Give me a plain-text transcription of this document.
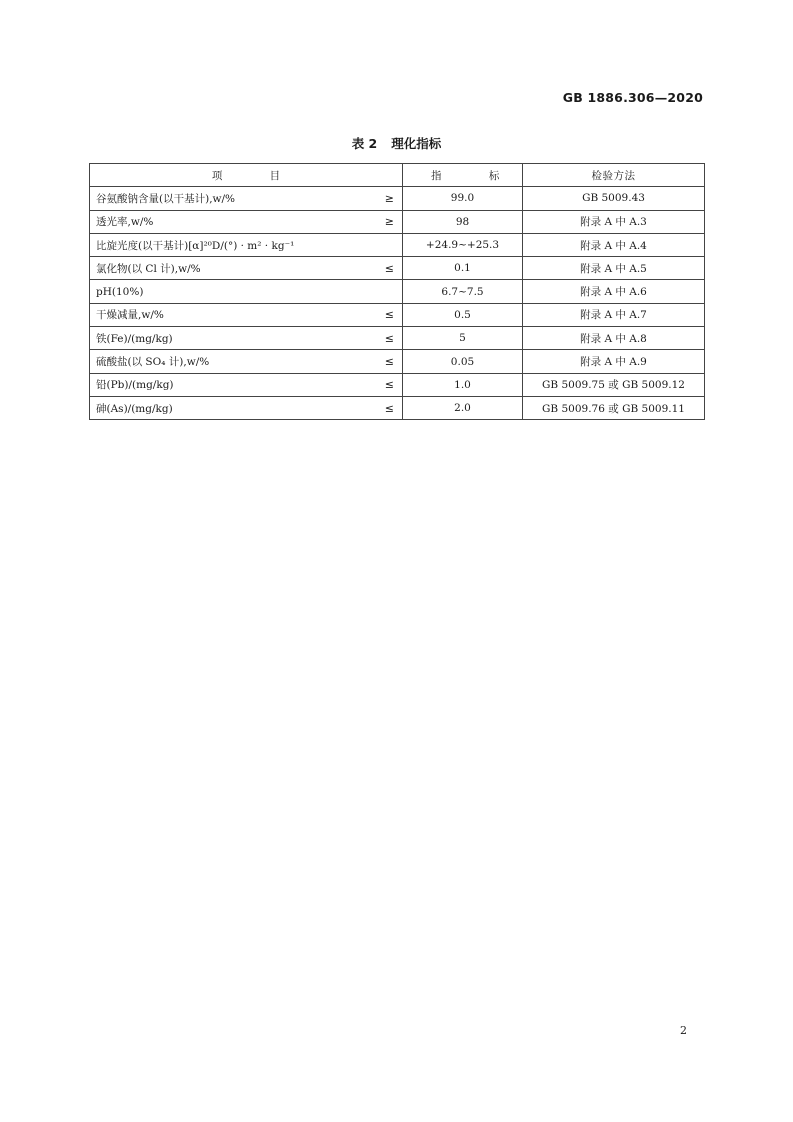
GB 1886.306—2020
表 2 理化指标
项 目	指 标	检验方法

谷氨酸钠含量(以干基计),w/% ≥	99.0	GB 5009.43

透光率,w/% ≥	98	附录 A 中 A.3

比旋光度(以干基计)[α]²⁰D/(°) · m² · kg⁻¹	+24.9~+25.3	附录 A 中 A.4

氯化物(以 Cl 计),w/% ≤	0.1	附录 A 中 A.5

pH(10%)	6.7~7.5	附录 A 中 A.6

干燥减量,w/% ≤	0.5	附录 A 中 A.7

铁(Fe)/(mg/kg) ≤	5	附录 A 中 A.8

硫酸盐(以 SO₄ 计),w/% ≤	0.05	附录 A 中 A.9

铅(Pb)/(mg/kg) ≤	1.0	GB 5009.75 或 GB 5009.12

砷(As)/(mg/kg) ≤	2.0	GB 5009.76 或 GB 5009.11
2
